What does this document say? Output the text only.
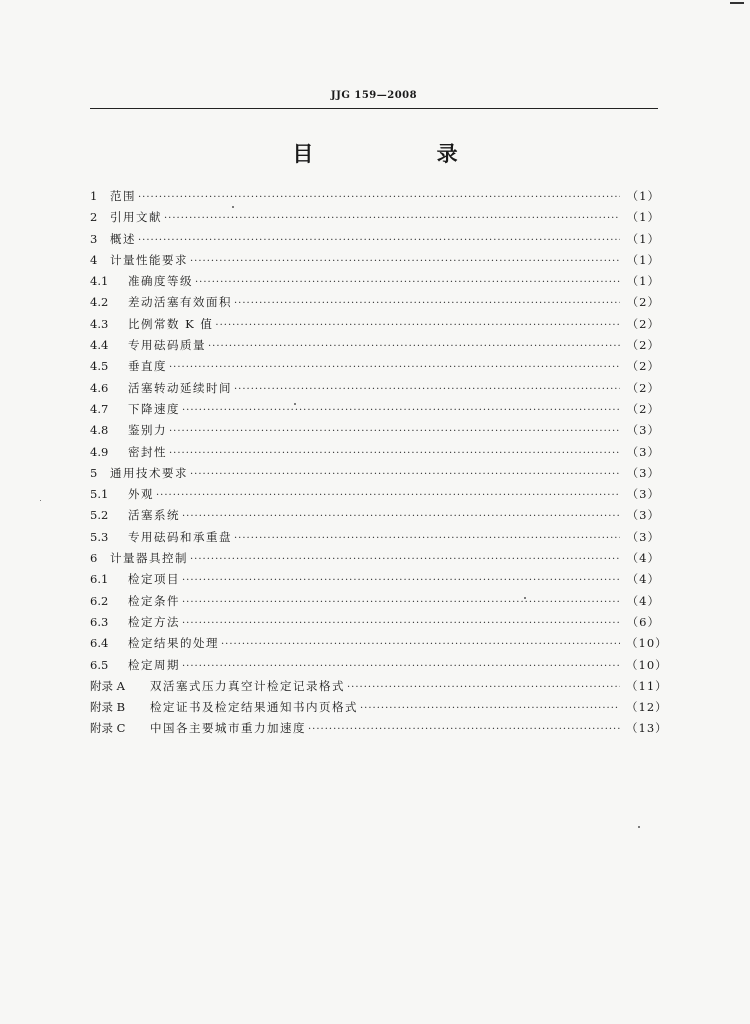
JJG 159—2008
目 录
1	范围 ·····	（1）
2	引用文献 ·····	（1）
3	概述 ·····	（1）
4	计量性能要求 ·····	（1）
4.1	准确度等级 ·····	（1）
4.2	差动活塞有效面积 ·····	（2）
4.3	比例常数 K 值 ·····	（2）
4.4	专用砝码质量 ·····	（2）
4.5	垂直度 ·····	（2）
4.6	活塞转动延续时间 ·····	（2）
4.7	下降速度 ·····	（2）
4.8	鉴别力 ·····	（3）
4.9	密封性 ·····	（3）
5	通用技术要求 ·····	（3）
5.1	外观 ·····	（3）
5.2	活塞系统 ·····	（3）
5.3	专用砝码和承重盘 ·····	（3）
6	计量器具控制 ·····	（4）
6.1	检定项目 ·····	（4）
6.2	检定条件 ·····	（4）
6.3	检定方法 ·····	（6）
6.4	检定结果的处理 ·····	（10）
6.5	检定周期 ·····	（10）
附录 A	双活塞式压力真空计检定记录格式 ·····	（11）
附录 B	检定证书及检定结果通知书内页格式 ·····	（12）
附录 C	中国各主要城市重力加速度 ·····	（13）
